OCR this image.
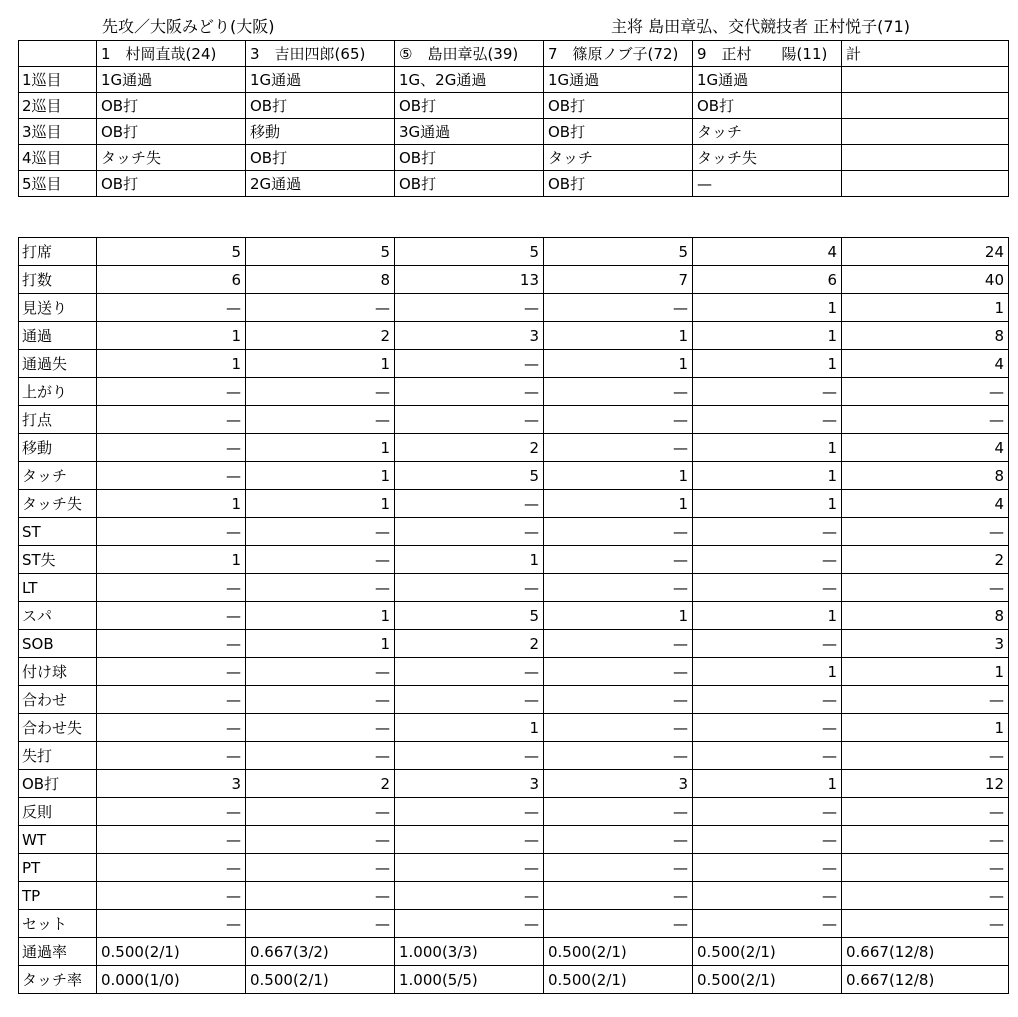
先攻／大阪みどり(大阪)	主将 島田章弘、交代競技者 正村悦子(71)
	1　村岡直哉(24)	3　吉田四郎(65)	⑤　島田章弘(39)	7　篠原ノブ子(72)	9　正村　　陽(11)	計
1巡目	1G通過	1G通過	1G、2G通過	1G通過	1G通過	
2巡目	OB打	OB打	OB打	OB打	OB打	
3巡目	OB打	移動	3G通過	OB打	タッチ	
4巡目	タッチ失	OB打	OB打	タッチ	タッチ失	
5巡目	OB打	2G通過	OB打	OB打	—	
打席	5	5	5	5	4	24
打数	6	8	13	7	6	40
見送り	—	—	—	—	1	1
通過	1	2	3	1	1	8
通過失	1	1	—	1	1	4
上がり	—	—	—	—	—	—
打点	—	—	—	—	—	—
移動	—	1	2	—	1	4
タッチ	—	1	5	1	1	8
タッチ失	1	1	—	1	1	4
ST	—	—	—	—	—	—
ST失	1	—	1	—	—	2
LT	—	—	—	—	—	—
スパ	—	1	5	1	1	8
SOB	—	1	2	—	—	3
付け球	—	—	—	—	1	1
合わせ	—	—	—	—	—	—
合わせ失	—	—	1	—	—	1
失打	—	—	—	—	—	—
OB打	3	2	3	3	1	12
反則	—	—	—	—	—	—
WT	—	—	—	—	—	—
PT	—	—	—	—	—	—
TP	—	—	—	—	—	—
セット	—	—	—	—	—	—
通過率	0.500(2/1)	0.667(3/2)	1.000(3/3)	0.500(2/1)	0.500(2/1)	0.667(12/8)
タッチ率	0.000(1/0)	0.500(2/1)	1.000(5/5)	0.500(2/1)	0.500(2/1)	0.667(12/8)
